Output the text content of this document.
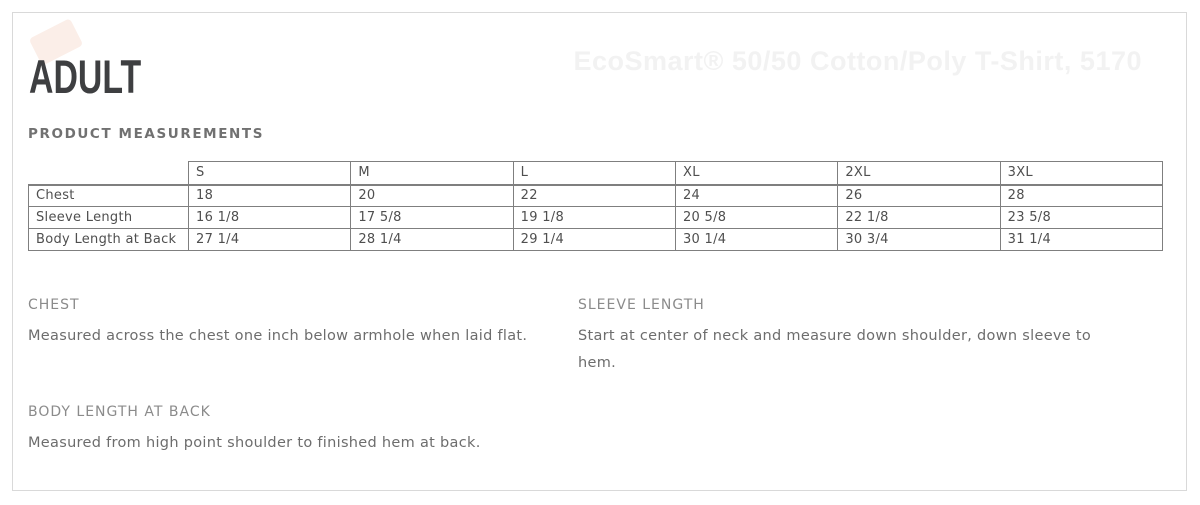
ADULT	EcoSmart® 50/50 Cotton/Poly T-Shirt, 5170
PRODUCT MEASUREMENTS
	S	M	L	XL	2XL	3XL
Chest	18	20	22	24	26	28
Sleeve Length	16 1/8	17 5/8	19 1/8	20 5/8	22 1/8	23 5/8
Body Length at Back	27 1/4	28 1/4	29 1/4	30 1/4	30 3/4	31 1/4
CHEST
Measured across the chest one inch below armhole when laid flat.
SLEEVE LENGTH
Start at center of neck and measure down shoulder, down sleeve to hem.
BODY LENGTH AT BACK
Measured from high point shoulder to finished hem at back.
